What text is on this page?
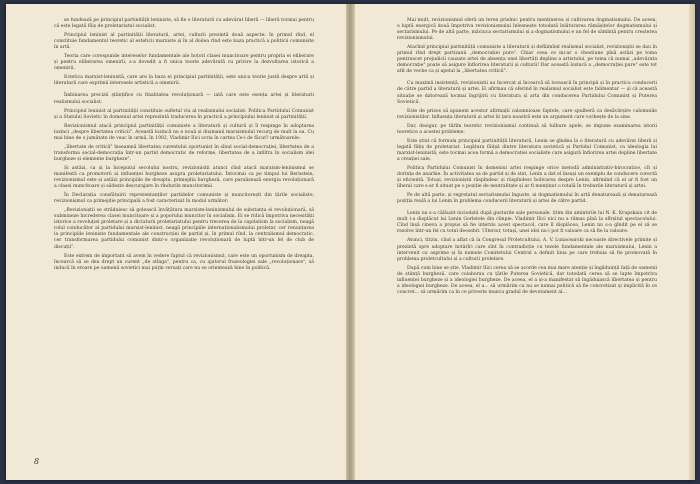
se fundează pe principiul partinității leniniste, să fie o literatură cu adevărat liberă — liberă tocmai pentru că este legată făiș de proletariatul socialist.

Principiul leninist al partinității literaturii, artei, culturii prezintă două aspecte: în primul rînd, el constituie fundamentul teoretic al esteticii marxiste și în al doilea rînd este baza practică a politicii comuniste în artă.

Teoria care corespunde intereselor fundamentale ale hoțori clasei muncitoare pentru propria ei eliberare și pentru eliberarea omenirii, s-a dovedit a fi unica teorie adevărată cu privire la dezvoltarea istorică a omenirii.

Estetica marxist-leninistă, care are la baza ei principiul partinității, este unica teorie justă despre artă și literatură care exprimă interesele artistică a omenirii.

Îmbinarea precizii științifice cu finalitatea revoluționară — iată care este esența artei și literaturii realismului socialist.

Principiul leninist al partinității constituie sufletul viu al realismului socialist. Politica Partidului Comunist și a Statului Sovietic în domeniul artei reprezintă traducerea în practică a principiului leninist al partinității.

Revizionismul atacă principiul partinității comuniste a literaturii și culturii și îl respinge în adoptarea lozinci „despre libertatea criticii". Această lozincă nu e nouă și dușmanii marxismului recurg de mult la ea. Cu mai bine de o jumătate de veac în urmă, în 1902, Vladimir Ilici scria în cartea Ce-i de făcut? următoarele:

„libertate de critică" înseamnă libertatea curentului oportunist în sînul social-democrației, libertatea de a transforma social-democrația într-un partid democratic de reforme, libertatea de a infiltra în socialism idei burgheze și elemente burgheze".

Și astăzi, ca și la începutul secolului nostru, revizionistii atunci cînd atacă marxism-leninismul se manifestă ca promotorii ai influenței burgheze asupra proletariatului. Întocmai ca pe timpul lui Bernstein, revizionismul este și astăzi principiile de dreapta, primejdia burgheză, care paralizează energia revoluționară a clasei muncitoare și sădește descurajare în rîndurile muncitorimii.

În Declarația consfătuirii reprezentanților partidelor comuniste și muncitorești din țările socialiste, revizionismul ca primejdie principală a fost caracterizat în modul următor:

„Revizioniștii se străduiesc să golească învățătura marxism-leninismului de substanța ei revoluționară, să submineze încrederea clasei muncitoare și a poporului muncitor în socialism. Ei se ridică împotriva necesității istorice a revoluției proletare și a dictaturii proletariatului pentru trecerea de la capitalism la socialism, neagă rolul conducător al partidului marxist-leninist, neagă principiile internaționalismului proletar, cer renunțarea la principiile leniniste fundamentale ale construcției de partid și, în primul rînd, la centralismul democratic, cer transformarea partidului comunist dintr-o organizație revoluționară de luptă într-un fel de club de discuții".

Este extrem de important să avem în vedere faptul că revizionismul, care este un oportunism de dreapta, încearcă să se dea drept un curent „de stînga", pentru ca, cu ajutorul frazeologiei sale „revoluționare", să inducă în eroare pe oamenii sovietici mai puțin versați care nu se orientează bine în politică.

8

Mai mult, revizionismul oferă un teren prielnic pentru menținerea și cultivarea dogmatismului. De aceea, o luptă energică două împotriva revizionismului înlesnește totodată înlăturarea rămășițelor dogmatismului și sectarismului. Pe de altă parte, măciuca sectarismului și a dogmatismului e un fel de sămînță pentru creșterea revizionismului.

Atacînd principiul partinității comuniste a literaturii și defăimînd realismul socialist, revizioniștii se dau în primul rînd drept partizanii „democrației pure". Chiar ceea ce mi-ar o chestiune pînă astăzi pe toma pentruscet prejudicii cauzate artei de absența unei libertăți depline a artistului, pe toma că numai „adevărata democrație" poate să asigure înflorirea literaturii și culturii! Dar această lozincă a „democrației pure" este tot atît de veche ca și apelul la „libertatea criticii".

Cu maximă insistență, revizionistii au încercat și încearcă să lovească în principii și în practica conducerii de către partid a literaturii și artei. Ei afirmau că oferind în realismul socialist este falimentar — și că această situație se datorează tocmai îngrijirii cu literatura și arta din conducerea Partidului Comunist și Puterea Sovietică.

Este de prisos să apunem acestor afirmații calomnioase faptele, care spulberă ca desăvârșire calomniile revizionistilor. Influența literaturii și artei în țara noastră este un argument care vorbește de la sine.

Dar, desigur, pe tărîm teoretic revizionismul continuă să tulbure apele, se impune examinarea istorii teoretice a acestei probleme.

Este știut că formula principial partinității literaturii, Lenin se gîndea la o literatură cu adevărat liberă și legată fățiș de proletariat. Legătura făițșă dintre literatura sovietică și Partidul Comunist, ca ideologia lui marxist-leninistă, este tocmai acea formă a democratiei socialiste care asigură înflorirea artei depline libertate a creației sale.

Politica Partidului Comunist în domeniul artei respinge orice metodă administrativ-birocratice, cît și dorința de anarhie. În activitatea sa de partid și de stat, Lenin a dat el însuși un exemplu de conducere corectă și eficientă. Totuși, revizioniștii răspîndesc și răspîndesc bolivarea despre Lenin, afirmînd că el ar fi fost un liberal care s-ar fi situat pe o poziție de neutralitate și ar fi menținut o totală în treburile literaturii și artei.

Pe de altă parte, și regretatul sectarismului înguste, ai dogmatismului în artă denaturează și denaturează poziția reală a lui Lenin în problema conducerii literaturii și artei de către partid.

Lenin nu s-a călăuzit niciodată după gusturile sale personale. Știm din amintirile lui N. K. Krupskaia cit de mult i-a displăcut lui Lenin Gorletele din cîmpie. Vladimir Ilici nici nu a rămas pînă la sfîrșitul spectacolului. Cînd însă cineva a propus să fie interzis acest spectacol, care îl displăcea, Lenin nu s-a gîndit pe el să se rezolve într-un fel cu totul deosebit. Ulterior, totuși, unei idei nu-i pot fi valoare ca să fie la valoare.

Atunci, tîrziu, cînd a aflat că la Congresul Proletcultului, A. V. Lunacearski necoaste directivele primite și prezintă spre adoptare hotărîri care sînt în contradicție cu tezele fundamentale ale marxismului, Lenin a intervenit cu asprime și în numele Comitetului Central a definit linia pe care trebuia să fie promovată în problema proletcultului și a culturii proletare.

După cum bine se știe, Vladimir Ilici cerea să se acorde cea mai mare atenție și îngăduință față de oamenii de știință burgheză, care colaborau cu țările Puterea Sovietică, dar totodată cerea să se lupte împotriva influenței burgheze și a ideologiei burgheze. De aceea, el a și-a manifestat să îngăduiască libertatea și pentru a ideologiei burgheze. De aceea, el a... să urmărim ca nu se numai politică să fie concretizat și implicită în ce concret... să urmărim ca în ce priveste munca gradul de devotament al...
